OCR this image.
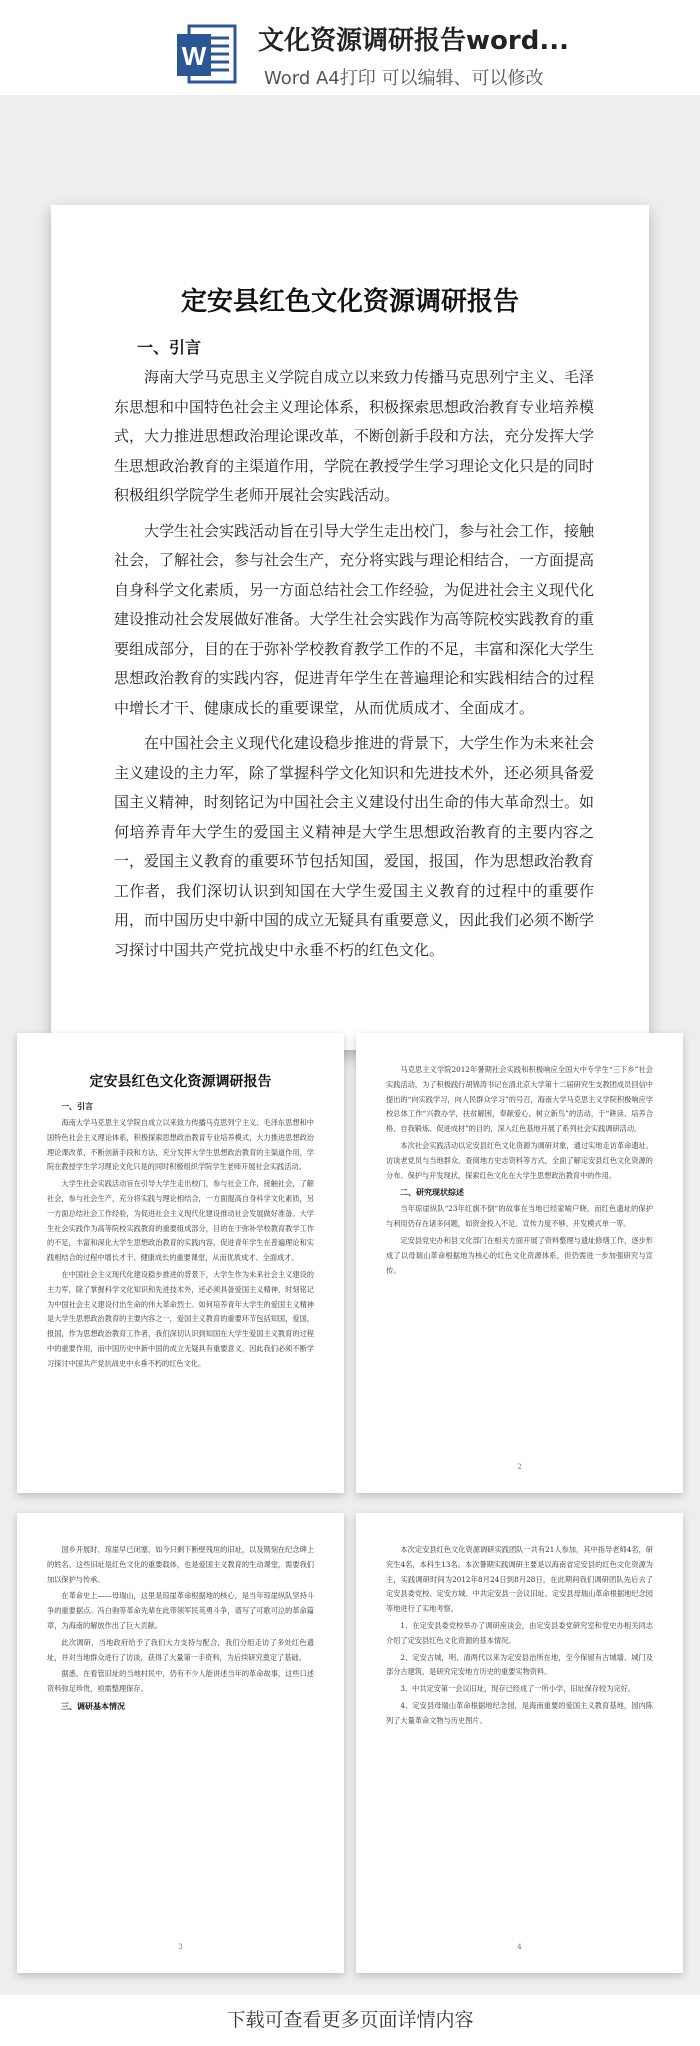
W 文化资源调研报告word...
Word A4打印 可以编辑、可以修改
定安县红色文化资源调研报告
一、引言

海南大学马克思主义学院自成立以来致力传播马克思列宁主义、毛泽东思想和中国特色社会主义理论体系，积极探索思想政治教育专业培养模式，大力推进思想政治理论课改革，不断创新手段和方法，充分发挥大学生思想政治教育的主渠道作用，学院在教授学生学习理论文化只是的同时积极组织学院学生老师开展社会实践活动。

大学生社会实践活动旨在引导大学生走出校门，参与社会工作，接触社会，了解社会，参与社会生产，充分将实践与理论相结合，一方面提高自身科学文化素质，另一方面总结社会工作经验，为促进社会主义现代化建设推动社会发展做好准备。大学生社会实践作为高等院校实践教育的重要组成部分，目的在于弥补学校教育教学工作的不足，丰富和深化大学生思想政治教育的实践内容，促进青年学生在普遍理论和实践相结合的过程中增长才干、健康成长的重要课堂，从而优质成才、全面成才。

在中国社会主义现代化建设稳步推进的背景下，大学生作为未来社会主义建设的主力军，除了掌握科学文化知识和先进技术外，还必须具备爱国主义精神，时刻铭记为中国社会主义建设付出生命的伟大革命烈士。如何培养青年大学生的爱国主义精神是大学生思想政治教育的主要内容之一，爱国主义教育的重要环节包括知国，爱国，报国，作为思想政治教育工作者，我们深切认识到知国在大学生爱国主义教育的过程中的重要作用，而中国历史中新中国的成立无疑具有重要意义，因此我们必须不断学习探讨中国共产党抗战史中永垂不朽的红色文化。

定安县红色文化资源调研报告
一、引言

海南大学马克思主义学院自成立以来致力传播马克思列宁主义、毛泽东思想和中国特色社会主义理论体系，积极探索思想政治教育专业培养模式，大力推进思想政治理论课改革，不断创新手段和方法，充分发挥大学生思想政治教育的主渠道作用，学院在教授学生学习理论文化只是的同时积极组织学院学生老师开展社会实践活动。

大学生社会实践活动旨在引导大学生走出校门，参与社会工作，接触社会，了解社会，参与社会生产，充分将实践与理论相结合，一方面提高自身科学文化素质，另一方面总结社会工作经验，为促进社会主义现代化建设推动社会发展做好准备。大学生社会实践作为高等院校实践教育的重要组成部分，目的在于弥补学校教育教学工作的不足，丰富和深化大学生思想政治教育的实践内容，促进青年学生在普遍理论和实践相结合的过程中增长才干、健康成长的重要课堂，从而优质成才、全面成才。

在中国社会主义现代化建设稳步推进的背景下，大学生作为未来社会主义建设的主力军，除了掌握科学文化知识和先进技术外，还必须具备爱国主义精神，时刻铭记为中国社会主义建设付出生命的伟大革命烈士。如何培养青年大学生的爱国主义精神是大学生思想政治教育的主要内容之一，爱国主义教育的重要环节包括知国，爱国，报国，作为思想政治教育工作者，我们深切认识到知国在大学生爱国主义教育的过程中的重要作用，而中国历史中新中国的成立无疑具有重要意义，因此我们必须不断学习探讨中国共产党抗战史中永垂不朽的红色文化。

马克思主义学院2012年暑期社会实践和积极响应全国大中专学生“三下乡”社会实践活动，为了积极践行胡锦涛书记在清北京大学第十二届研究生支教团成员回信中提出的“向实践学习，向人民群众学习”的号召，海南大学马克思主义学院积极响应学校总体工作“兴教办学，扶贫解困，奉献爱心，树立新鸟”的活动，于“耕读、培养合格、自我锻炼、促进成材”的目的，深入红色基地开展了系列社会实践调研活动。

本次社会实践活动以定安县红色文化资源为调研对象，通过实地走访革命遗址、访谈老党员与当地群众、查阅地方史志资料等方式，全面了解定安县红色文化资源的分布、保护与开发现状，探索红色文化在大学生思想政治教育中的作用。

二、研究现状综述

当年琼崖纵队“23年红旗不倒”的故事在当地已经家喻户晓，而红色遗址的保护与利用仍存在诸多问题，如资金投入不足、宣传力度不够、开发模式单一等。

定安县党史办和县文化部门在相关方面开展了资料整理与遗址修缮工作，逐步形成了以母瑞山革命根据地为核心的红色文化资源体系，但仍需进一步加强研究与宣传。

2

国乡开展时、琼崖早已闭塞，如今只剩下断壁残垣的旧址，以及镌刻在纪念碑上的姓名。这些旧址是红色文化的重要载体，也是爱国主义教育的生动课堂，需要我们加以保护与传承。

在革命史上——母瑞山，这里是琼崖革命根据地的核心，是当年琼崖纵队坚持斗争的重要据点。冯白驹等革命先辈在此带领军民英勇斗争，谱写了可歌可泣的革命篇章，为海南的解放作出了巨大贡献。

此次调研，当地政府给予了我们大力支持与配合，我们分组走访了多处红色遗址，并对当地群众进行了访谈，获得了大量第一手资料，为后续研究奠定了基础。

据悉，在看管旧址的当地村民中，仍有不少人能讲述当年的革命故事，这些口述资料弥足珍贵，亟需整理保存。

三、调研基本情况
3

本次定安县红色文化资源调研实践团队一共有21人参加，其中指导老师4名，研究生4名，本科生13名。本次暑期实践调研主要是以海南省定安县的红色文化资源为主，实践调研时间为2012年8月24日到8月28日，在此期间我们调研团队先后去了定安县委党校、定安方城、中共定安县一会议旧址、定安县母瑞山革命根据地纪念园等地进行了实地考察。

1、在定安县委党校举办了调研座谈会，由定安县委党研究室和党史办相关同志介绍了定安县红色文化资源的基本情况。

2、定安古城，明、清两代以来为定安县治所在地，至今保留有古城墙、城门及部分古建筑，是研究定安地方历史的重要实物资料。

3、中共定安第一会议旧址，现存已经成了一所小学，旧址保存较为完好。

4、定安县母瑞山革命根据地纪念园，是海南重要的爱国主义教育基地，园内陈列了大量革命文物与历史图片。

4
下载可查看更多页面详情内容
